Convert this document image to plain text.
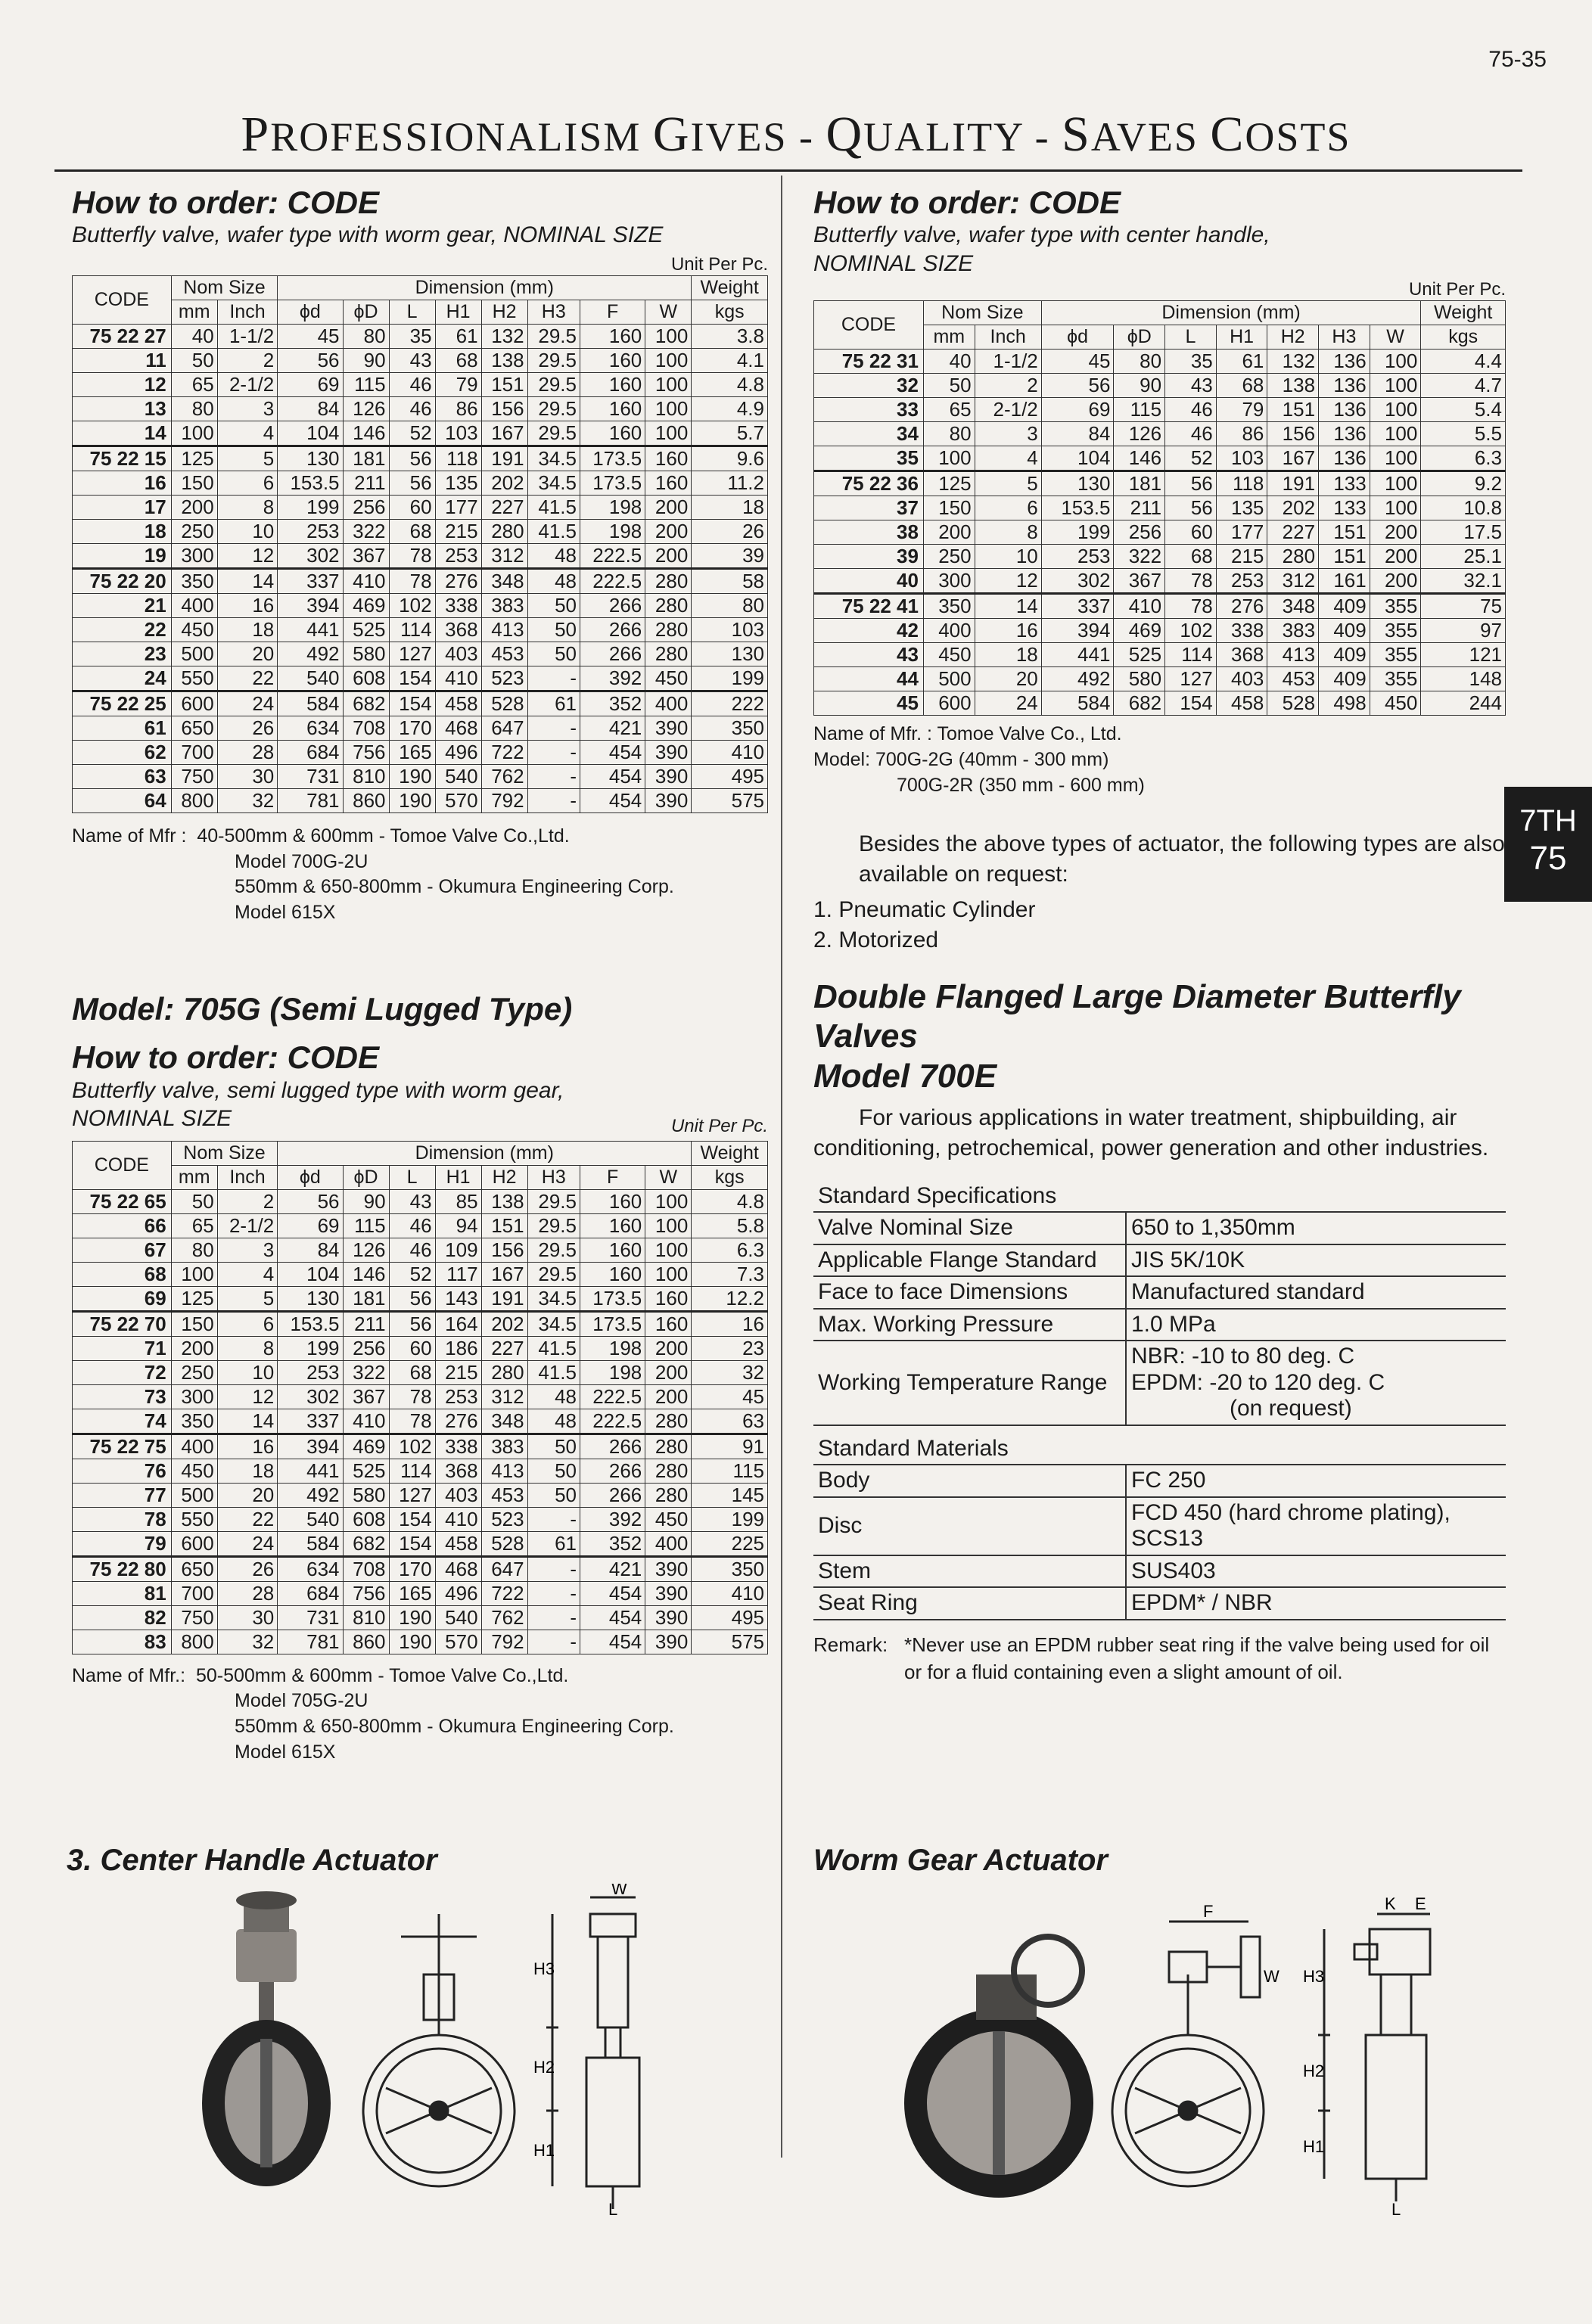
75-35
PROFESSIONALISM GIVES - QUALITY - SAVES COSTS
7TH
75
How to order: CODE
Butterfly valve, wafer type with worm gear, NOMINAL SIZE
Unit Per Pc.
CODE	Nom Size		Dimension (mm)								Weight
	mm	Inch	ϕd	ϕD	L	H1	H2	H3	F	W	kgs
75 22 27	40	1-1/2	45	80	35	61	132	29.5	160	100	3.8
11	50	2	56	90	43	68	138	29.5	160	100	4.1
12	65	2-1/2	69	115	46	79	151	29.5	160	100	4.8
13	80	3	84	126	46	86	156	29.5	160	100	4.9
14	100	4	104	146	52	103	167	29.5	160	100	5.7
75 22 15	125	5	130	181	56	118	191	34.5	173.5	160	9.6
16	150	6	153.5	211	56	135	202	34.5	173.5	160	11.2
17	200	8	199	256	60	177	227	41.5	198	200	18
18	250	10	253	322	68	215	280	41.5	198	200	26
19	300	12	302	367	78	253	312	48	222.5	200	39
75 22 20	350	14	337	410	78	276	348	48	222.5	280	58
21	400	16	394	469	102	338	383	50	266	280	80
22	450	18	441	525	114	368	413	50	266	280	103
23	500	20	492	580	127	403	453	50	266	280	130
24	550	22	540	608	154	410	523	-	392	450	199
75 22 25	600	24	584	682	154	458	528	61	352	400	222
61	650	26	634	708	170	468	647	-	421	390	350
62	700	28	684	756	165	496	722	-	454	390	410
63	750	30	731	810	190	540	762	-	454	390	495
64	800	32	781	860	190	570	792	-	454	390	575
Name of Mfr : 40-500mm & 600mm - Tomoe Valve Co.,Ltd.
Model 700G-2U
550mm & 650-800mm - Okumura Engineering Corp.
Model 615X
Model: 705G (Semi Lugged Type)
How to order: CODE
Butterfly valve, semi lugged type with worm gear,
NOMINAL SIZE	Unit Per Pc.
CODE	Nom Size		Dimension (mm)								Weight
	mm	Inch	ϕd	ϕD	L	H1	H2	H3	F	W	kgs
75 22 65	50	2	56	90	43	85	138	29.5	160	100	4.8
66	65	2-1/2	69	115	46	94	151	29.5	160	100	5.8
67	80	3	84	126	46	109	156	29.5	160	100	6.3
68	100	4	104	146	52	117	167	29.5	160	100	7.3
69	125	5	130	181	56	143	191	34.5	173.5	160	12.2
75 22 70	150	6	153.5	211	56	164	202	34.5	173.5	160	16
71	200	8	199	256	60	186	227	41.5	198	200	23
72	250	10	253	322	68	215	280	41.5	198	200	32
73	300	12	302	367	78	253	312	48	222.5	200	45
74	350	14	337	410	78	276	348	48	222.5	280	63
75 22 75	400	16	394	469	102	338	383	50	266	280	91
76	450	18	441	525	114	368	413	50	266	280	115
77	500	20	492	580	127	403	453	50	266	280	145
78	550	22	540	608	154	410	523	-	392	450	199
79	600	24	584	682	154	458	528	61	352	400	225
75 22 80	650	26	634	708	170	468	647	-	421	390	350
81	700	28	684	756	165	496	722	-	454	390	410
82	750	30	731	810	190	540	762	-	454	390	495
83	800	32	781	860	190	570	792	-	454	390	575
Name of Mfr.: 50-500mm & 600mm - Tomoe Valve Co.,Ltd.
Model 705G-2U
550mm & 650-800mm - Okumura Engineering Corp.
Model 615X
3. Center Handle Actuator
W
H3
H2
H1
L
How to order: CODE
Butterfly valve, wafer type with center handle,
NOMINAL SIZE
Unit Per Pc.
CODE	Nom Size		Dimension (mm)							Weight
	mm	Inch	ϕd	ϕD	L	H1	H2	H3	W	kgs
75 22 31	40	1-1/2	45	80	35	61	132	136	100	4.4
32	50	2	56	90	43	68	138	136	100	4.7
33	65	2-1/2	69	115	46	79	151	136	100	5.4
34	80	3	84	126	46	86	156	136	100	5.5
35	100	4	104	146	52	103	167	136	100	6.3
75 22 36	125	5	130	181	56	118	191	133	100	9.2
37	150	6	153.5	211	56	135	202	133	100	10.8
38	200	8	199	256	60	177	227	151	200	17.5
39	250	10	253	322	68	215	280	151	200	25.1
40	300	12	302	367	78	253	312	161	200	32.1
75 22 41	350	14	337	410	78	276	348	409	355	75
42	400	16	394	469	102	338	383	409	355	97
43	450	18	441	525	114	368	413	409	355	121
44	500	20	492	580	127	403	453	409	355	148
45	600	24	584	682	154	458	528	498	450	244
Name of Mfr. : Tomoe Valve Co., Ltd.
Model: 700G-2G (40mm - 300 mm)
700G-2R (350 mm - 600 mm)
Besides the above types of actuator, the following types are also available on request:
1. Pneumatic Cylinder
2. Motorized
Double Flanged Large Diameter Butterfly
Valves
Model 700E
For various applications in water treatment, shipbuilding, air conditioning, petrochemical, power generation and other industries.
Standard Specifications	
Valve Nominal Size	650 to 1,350mm
Applicable Flange Standard	JIS 5K/10K
Face to face Dimensions	Manufactured standard
Max. Working Pressure	1.0 MPa
Working Temperature Range	NBR: -10 to 80 deg. C
EPDM: -20 to 120 deg. C
(on request)
Standard Materials	
Body	FC 250
Disc	FCD 450 (hard chrome plating), SCS13
Stem	SUS403
Seat Ring	EPDM* / NBR
Remark: *Never use an EPDM rubber seat ring if the valve being used for oil or for a fluid containing even a slight amount of oil.
Worm Gear Actuator
F
W
K E
H3
H2
H1
L
